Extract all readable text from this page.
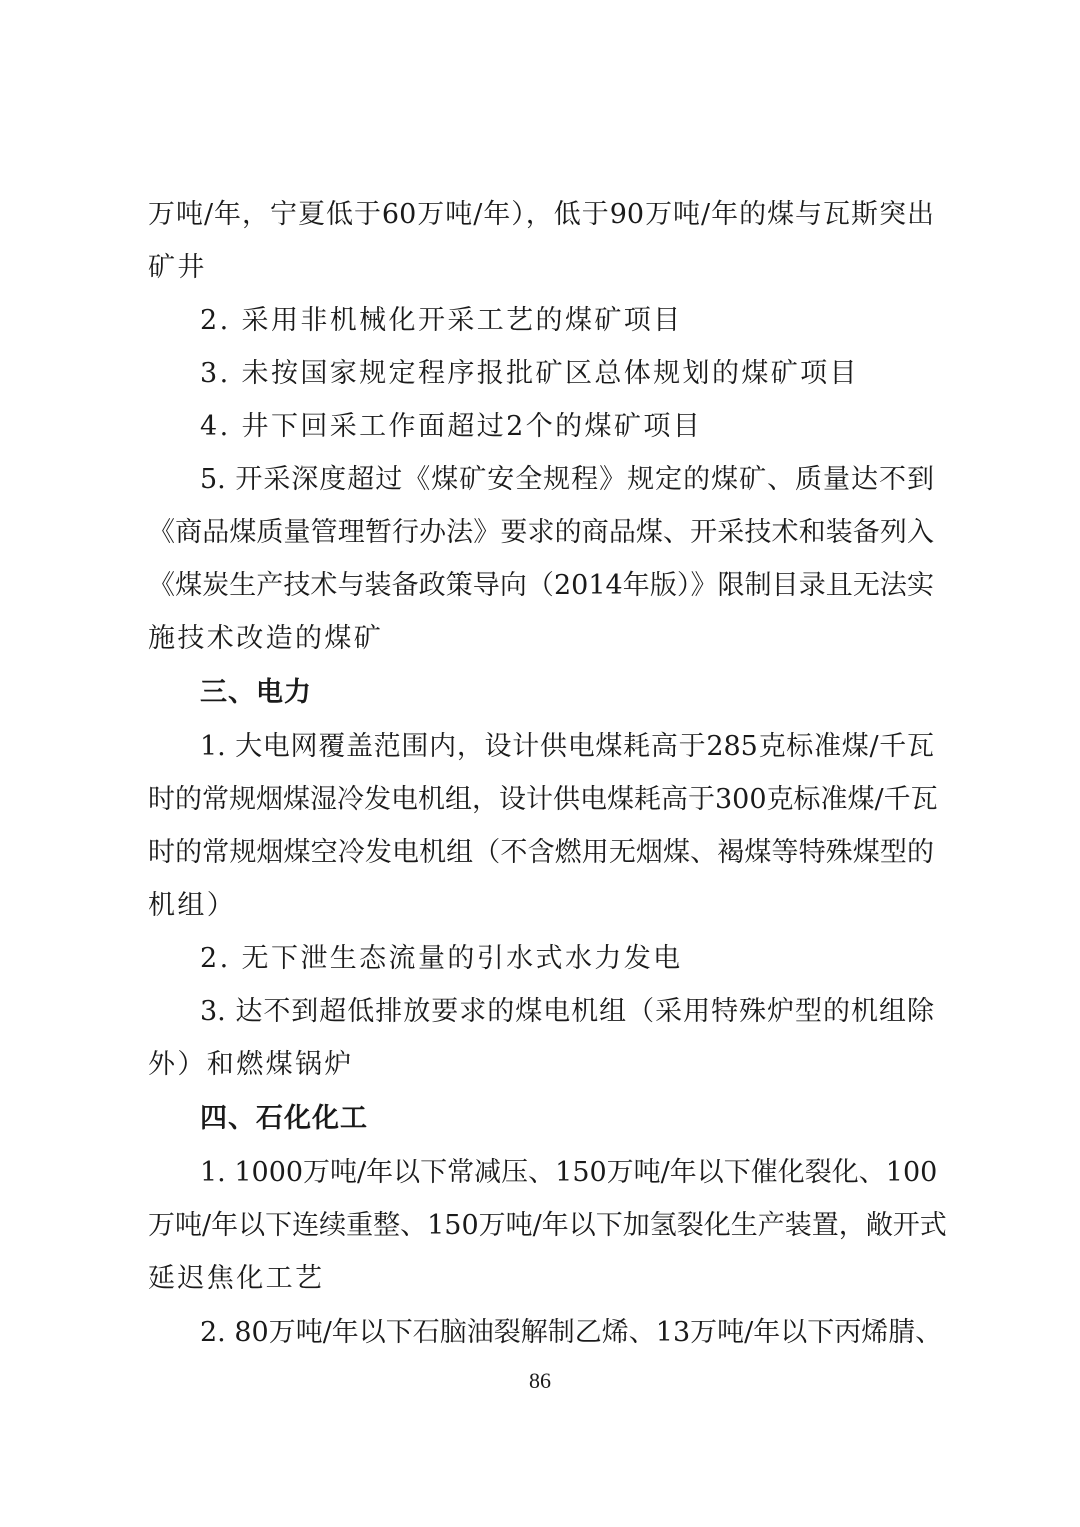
万吨/年，宁夏低于60万吨/年），低于90万吨/年的煤与瓦斯突出
矿井
2. 采用非机械化开采工艺的煤矿项目
3. 未按国家规定程序报批矿区总体规划的煤矿项目
4. 井下回采工作面超过2个的煤矿项目
5. 开采深度超过《煤矿安全规程》规定的煤矿、质量达不到
《商品煤质量管理暂行办法》要求的商品煤、开采技术和装备列入
《煤炭生产技术与装备政策导向（2014年版）》限制目录且无法实
施技术改造的煤矿
三、电力
1. 大电网覆盖范围内，设计供电煤耗高于285克标准煤/千瓦
时的常规烟煤湿冷发电机组，设计供电煤耗高于300克标准煤/千瓦
时的常规烟煤空冷发电机组（不含燃用无烟煤、褐煤等特殊煤型的
机组）
2. 无下泄生态流量的引水式水力发电
3. 达不到超低排放要求的煤电机组（采用特殊炉型的机组除
外）和燃煤锅炉
四、石化化工
1. 1000万吨/年以下常减压、150万吨/年以下催化裂化、100
万吨/年以下连续重整、150万吨/年以下加氢裂化生产装置，敞开式
延迟焦化工艺
2. 80万吨/年以下石脑油裂解制乙烯、13万吨/年以下丙烯腈、
86
